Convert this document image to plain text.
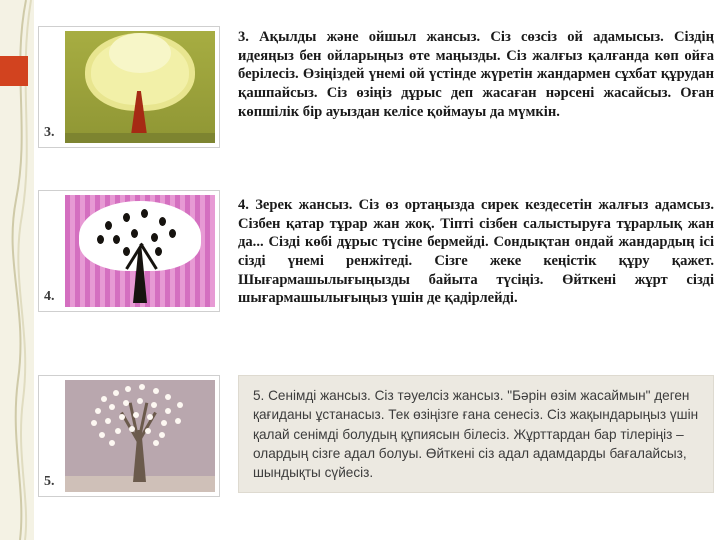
3.
3. Ақылды және ойшыл жансыз. Сіз сөзсіз ой адамысыз. Сіздің идеяңыз бен ойларыңыз өте маңызды. Сіз жалғыз қалғанда көп ойға берілесіз. Өзіңіздей үнемі ой үстінде жүретін жандармен сұхбат құрудан қашпайсыз. Сіз өзіңіз дұрыс деп жасаған нәрсені жасайсыз. Оған көпшілік бір ауыздан келісе қоймауы да мүмкін.
4.
4. Зерек жансыз. Сіз өз ортаңызда сирек кездесетін жалғыз адамсыз. Сізбен қатар тұрар жан жоқ. Тіпті сізбен салыстыруға тұрарлық жан да... Сізді көбі дұрыс түсіне бермейді. Сондықтан ондай жандардың ісі сізді үнемі ренжітеді. Сізге жеке кеңістік құру қажет. Шығармашылығыңызды байыта түсіңіз. Өйткені жұрт сізді шығармашылығыңыз үшін де қадірлейді.
5.
5. Сенімді жансыз. Сіз тәуелсіз жансыз. "Бәрін өзім жасаймын" деген қағиданы ұстанасыз. Тек өзіңізге ғана сенесіз. Сіз жақындарыңыз үшін қалай сенімді болудың құпиясын білесіз. Жұрттардан бар тілеріңіз – олардың сізге адал болуы. Өйткені сіз адал адамдарды бағалайсыз, шындықты сүйесіз.
